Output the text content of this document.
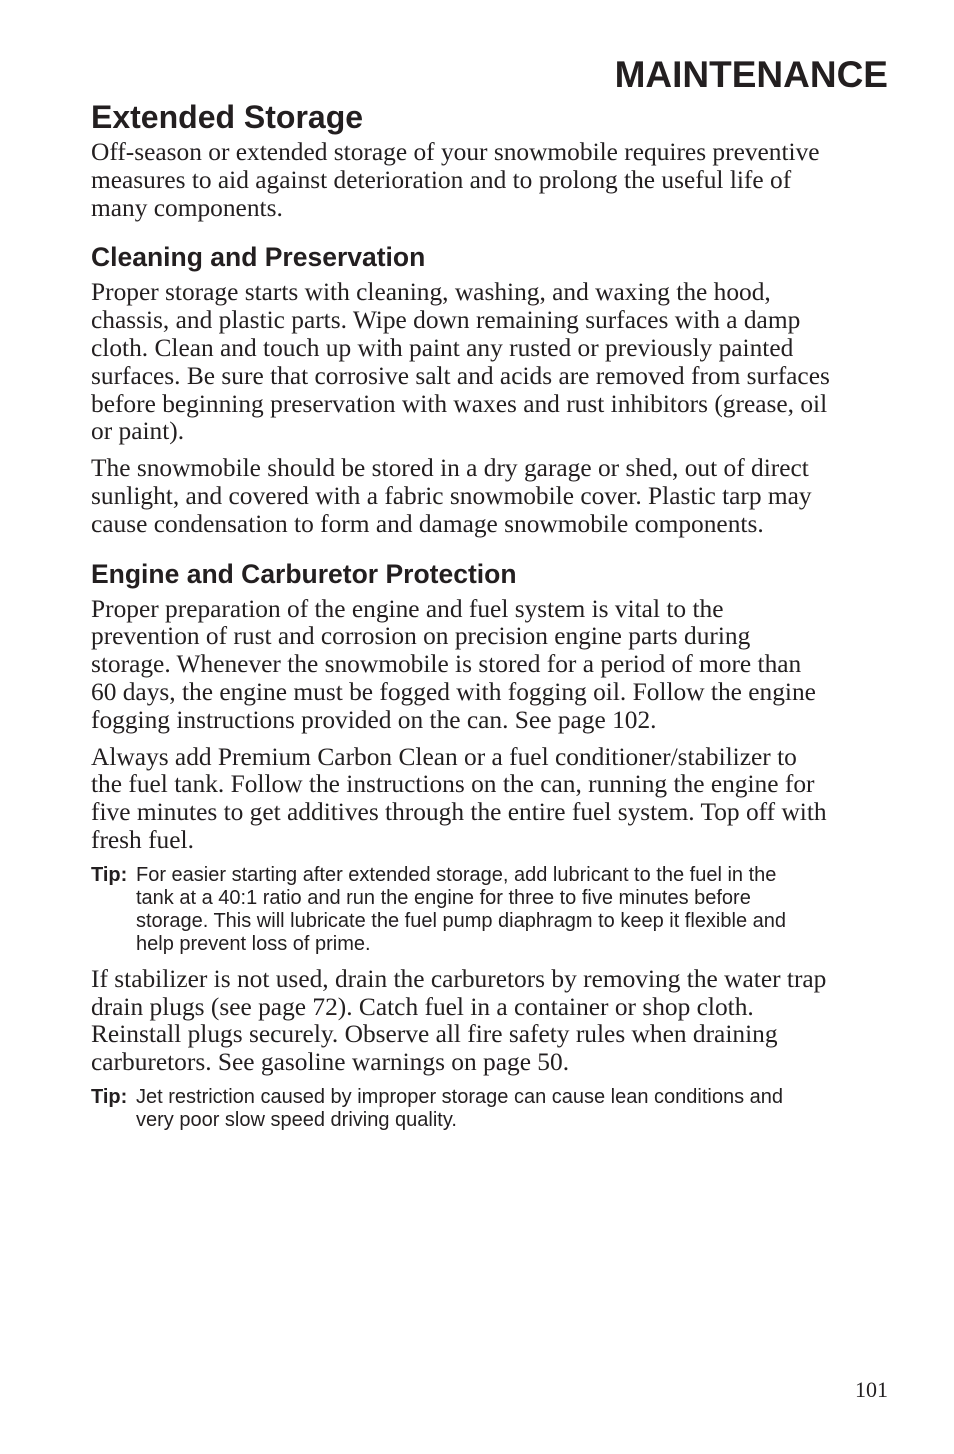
MAINTENANCE
Extended Storage

Off-season or extended storage of your snowmobile requires preventive
measures to aid against deterioration and to prolong the useful life of
many components.

Cleaning and Preservation

Proper storage starts with cleaning, washing, and waxing the hood,
chassis, and plastic parts. Wipe down remaining surfaces with a damp
cloth. Clean and touch up with paint any rusted or previously painted
surfaces. Be sure that corrosive salt and acids are removed from surfaces
before beginning preservation with waxes and rust inhibitors (grease, oil
or paint).

The snowmobile should be stored in a dry garage or shed, out of direct
sunlight, and covered with a fabric snowmobile cover. Plastic tarp may
cause condensation to form and damage snowmobile components.

Engine and Carburetor Protection

Proper preparation of the engine and fuel system is vital to the
prevention of rust and corrosion on precision engine parts during
storage. Whenever the snowmobile is stored for a period of more than
60 days, the engine must be fogged with fogging oil. Follow the engine
fogging instructions provided on the can. See page 102.

Always add Premium Carbon Clean or a fuel conditioner/stabilizer to
the fuel tank. Follow the instructions on the can, running the engine for
five minutes to get additives through the entire fuel system. Top off with
fresh fuel.

Tip: For easier starting after extended storage, add lubricant to the fuel in the
tank at a 40:1 ratio and run the engine for three to five minutes before
storage. This will lubricate the fuel pump diaphragm to keep it flexible and
help prevent loss of prime.

If stabilizer is not used, drain the carburetors by removing the water trap
drain plugs (see page 72). Catch fuel in a container or shop cloth.
Reinstall plugs securely. Observe all fire safety rules when draining
carburetors. See gasoline warnings on page 50.

Tip: Jet restriction caused by improper storage can cause lean conditions and
very poor slow speed driving quality.
101
